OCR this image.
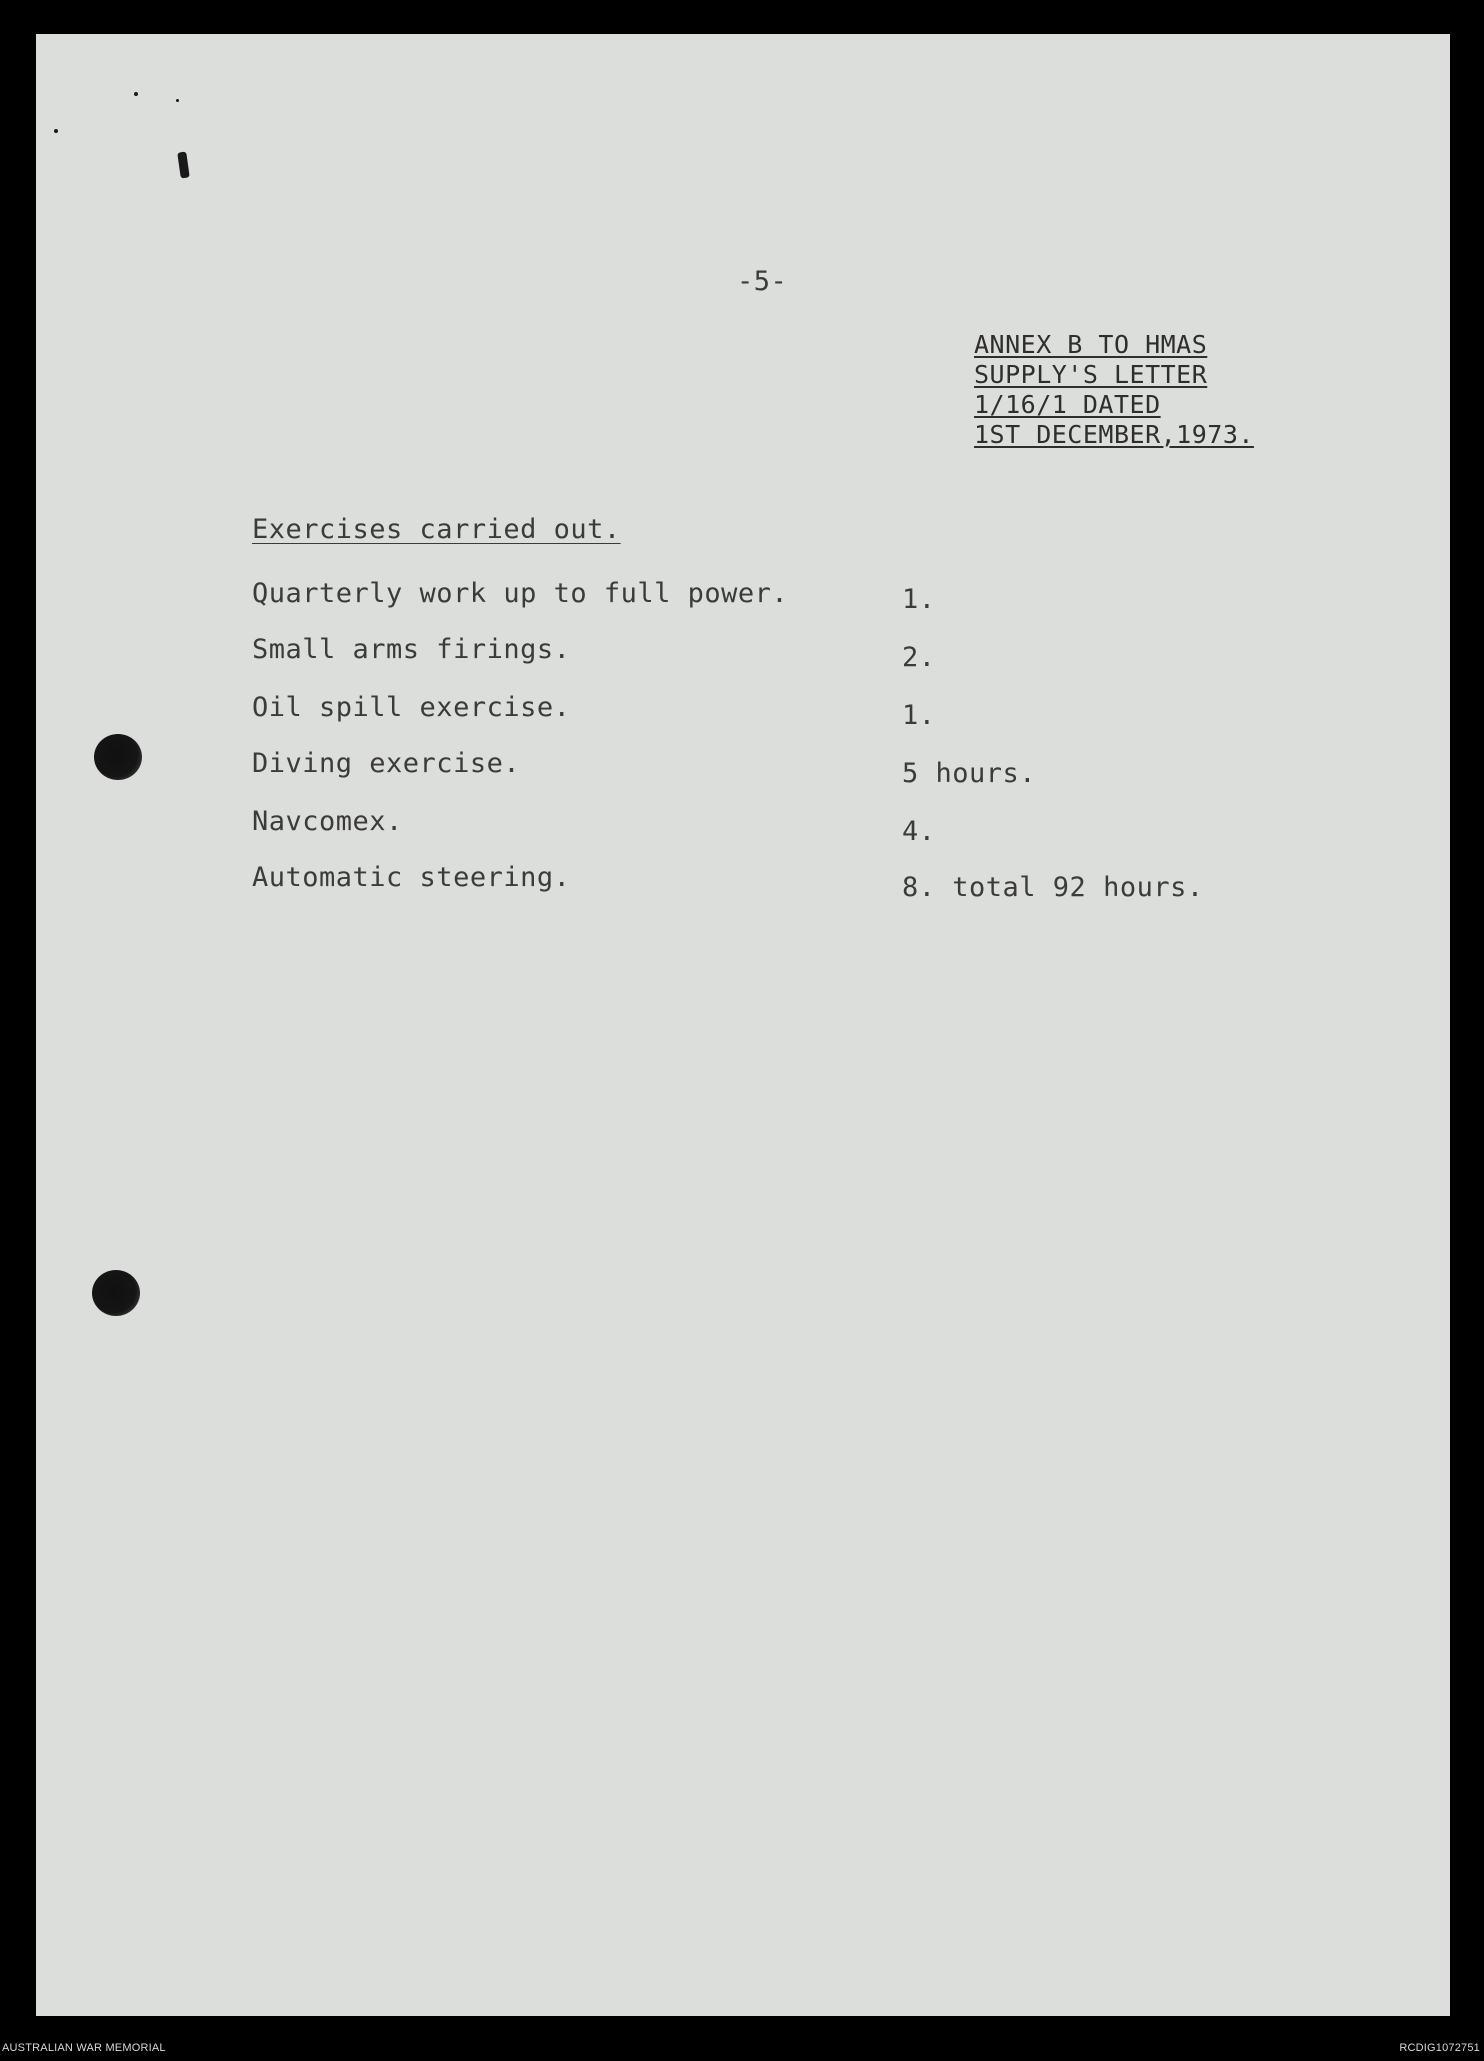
-5-
ANNEX B TO HMAS
SUPPLY'S LETTER
1/16/1 DATED
1ST DECEMBER,1973.
Exercises carried out.
Quarterly work up to full power.	1.
Small arms firings.	2.
Oil spill exercise.	1.
Diving exercise.	5 hours.
Navcomex.	4.
Automatic steering.	8. total 92 hours.
AUSTRALIAN WAR MEMORIAL	RCDIG1072751
